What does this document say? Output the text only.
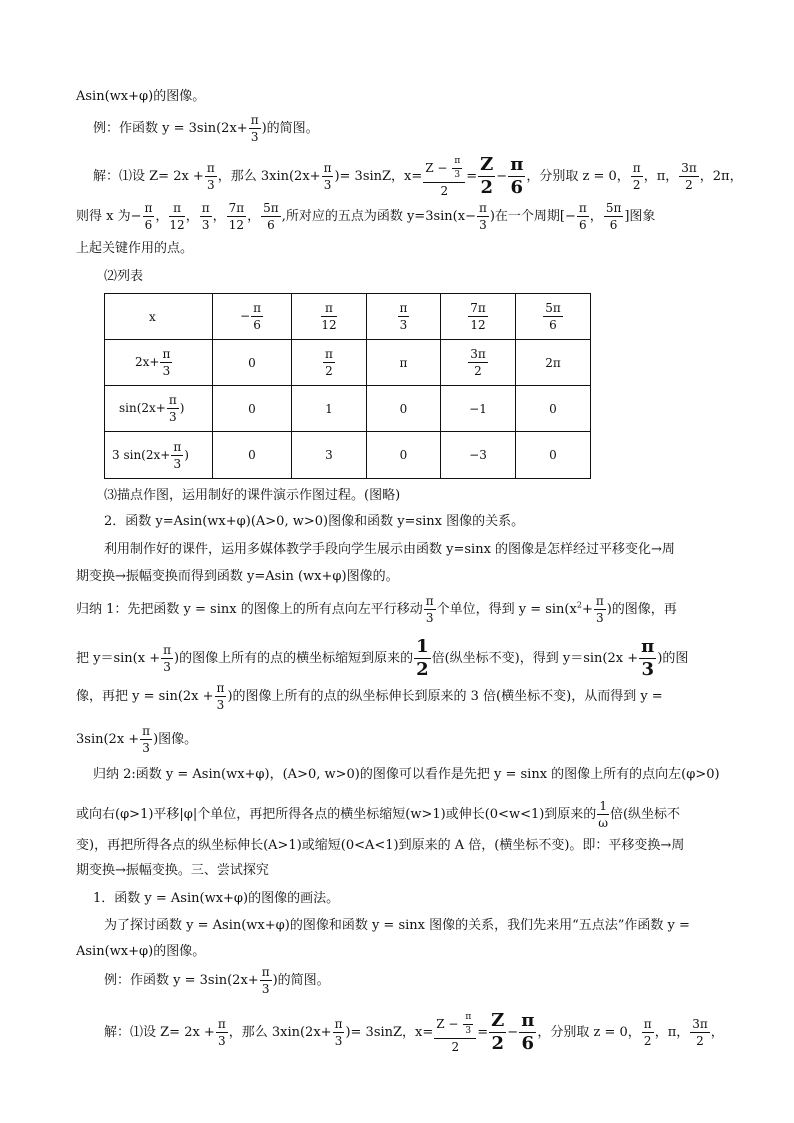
Asin(wx+φ)的图像。
例：作函数 $y = 3\sin(2x+ \frac{\pi}{3}$ )的简图。
解：⑴设 $Z= 2x + \frac{\pi}{3}$ ，那么 $3xin(2x+ \frac{\pi}{3}$ )= 3sinZ，$x= \frac{Z - \frac{\pi}{3}}{2} = \frac{Z}{2} - \frac{\pi}{6}$ ，分别取 z = 0， $\frac{\pi}{2}$ ，π， $\frac{3\pi}{2}$ ，2π，
则得 x 为− $\frac{\pi}{6}$ ， $\frac{\pi}{12}$ ， $\frac{\pi}{3}$ ， $\frac{7\pi}{12}$ ， $\frac{5\pi}{6}$ ,所对应的五点为函数 $y=3\sin(x- \frac{\pi}{3}$ )在一个周期[− $\frac{\pi}{6}$ ， $\frac{5\pi}{6}$ ]图象
上起关键作用的点。
⑵列表
x	− $\frac{\pi}{6}$	$\frac{\pi}{12}$	$\frac{\pi}{3}$	$\frac{7\pi}{12}$	$\frac{5\pi}{6}$

$2x+ \frac{\pi}{3}$	0	$\frac{\pi}{2}$	π	$\frac{3\pi}{2}$	2π
$\sin(2x+ \frac{\pi}{3}$ )	0	1	0	−1	0
3 $\sin(2x+ \frac{\pi}{3}$ )	0	3	0	−3	0
⑶描点作图，运用制好的课件演示作图过程。(图略)
2．函数 y=Asin(wx+φ)(A>0, w>0)图像和函数 y=sinx 图像的关系。
利用制作好的课件，运用多媒体教学手段向学生展示由函数 y=sinx 的图像是怎样经过平移变化→周
期变换→振幅变换而得到函数 y=Asin (wx+φ)图像的。
归纳 1：先把函数 y = sinx 的图像上的所有点向左平行移动 $\frac{\pi}{3}$ 个单位，得到 $y = \sin(x^2+ \frac{\pi}{3}$ )的图像，再
把 $y=\sin(x + \frac{\pi}{3}$ )的图像上所有的点的横坐标缩短到原来的 $\frac{1}{2}$ 倍(纵坐标不变)，得到 $y=\sin(2x + \frac{\pi}{3}$ )的图
像，再把 $y = \sin(2x + \frac{\pi}{3}$ )的图像上所有的点的纵坐标伸长到原来的 3 倍(横坐标不变)，从而得到 y =
$3\sin(2x + \frac{\pi}{3}$ )图像。
归纳 2:函数 y = Asin(wx+φ)，(A>0, w>0)的图像可以看作是先把 y = sinx 的图像上所有的点向左(φ>0)
或向右(φ>1)平移|φ|个单位，再把所得各点的横坐标缩短(w>1)或伸长(0<w<1)到原来的 $\frac{1}{\omega}$ 倍(纵坐标不
变)，再把所得各点的纵坐标伸长(A>1)或缩短(0<A<1)到原来的 A 倍，(横坐标不变)。即：平移变换→周
期变换→振幅变换。三、尝试探究
1．函数 y = Asin(wx+φ)的图像的画法。
为了探讨函数 y = Asin(wx+φ)的图像和函数 y = sinx 图像的关系，我们先来用“五点法”作函数 y =
Asin(wx+φ)的图像。
例：作函数 $y = 3\sin(2x+ \frac{\pi}{3}$ )的简图。
解：⑴设 $Z= 2x + \frac{\pi}{3}$ ，那么 $3xin(2x+ \frac{\pi}{3}$ )= 3sinZ，$x= \frac{Z - \frac{\pi}{3}}{2} = \frac{Z}{2} - \frac{\pi}{6}$ ，分别取 z = 0， $\frac{\pi}{2}$ ，π， $\frac{3\pi}{2}$ ，
